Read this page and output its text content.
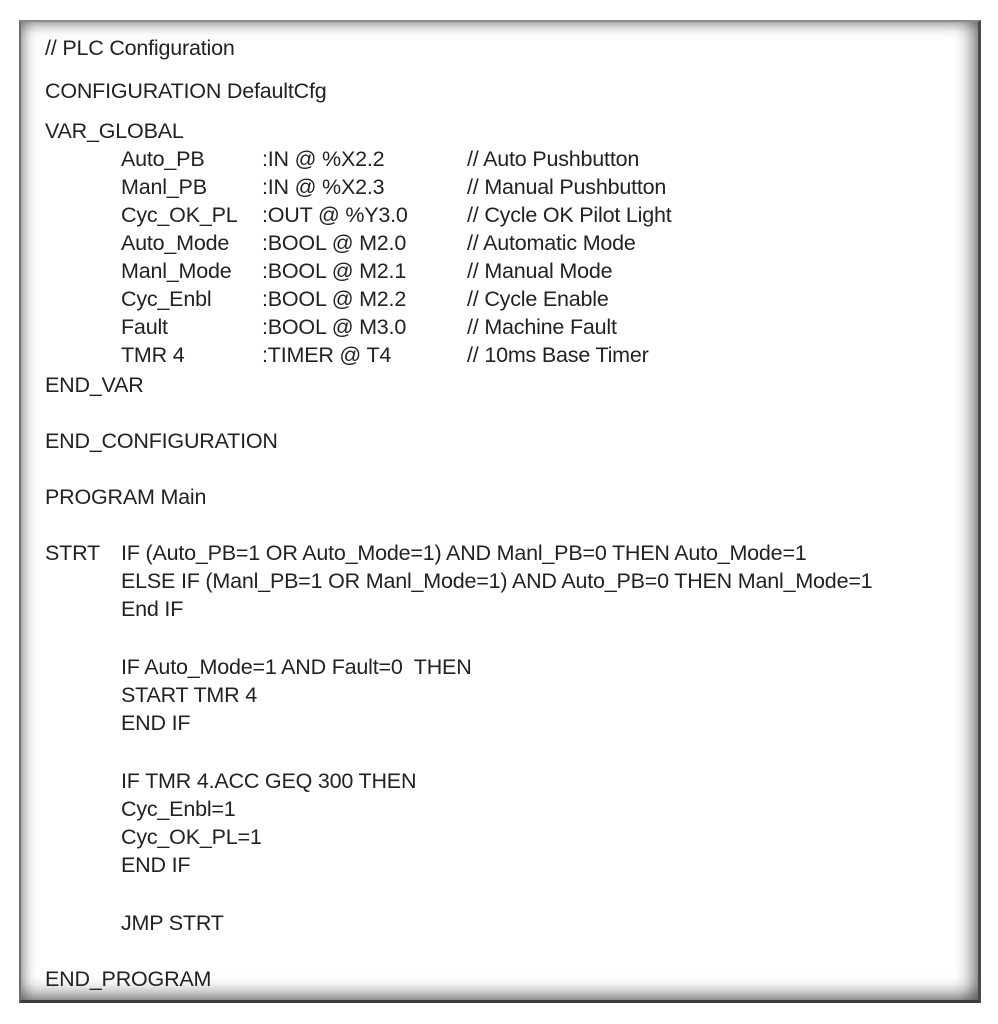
// PLC Configuration
CONFIGURATION DefaultCfg
VAR_GLOBAL
Auto_PB	:IN @ %X2.2	// Auto Pushbutton
Manl_PB	:IN @ %X2.3	// Manual Pushbutton
Cyc_OK_PL :OUT @ %Y3.0	// Cycle OK Pilot Light
Auto_Mode :BOOL @ M2.0	// Automatic Mode
Manl_Mode :BOOL @ M2.1	// Manual Mode
Cyc_Enbl :BOOL @ M2.2	// Cycle Enable
Fault	:BOOL @ M3.0	// Machine Fault
TMR 4	:TIMER @ T4	// 10ms Base Timer
END_VAR
END_CONFIGURATION
PROGRAM Main
STRT IF (Auto_PB=1 OR Auto_Mode=1) AND Manl_PB=0 THEN Auto_Mode=1
ELSE IF (Manl_PB=1 OR Manl_Mode=1) AND Auto_PB=0 THEN Manl_Mode=1
End IF
IF Auto_Mode=1 AND Fault=0  THEN
START TMR 4
END IF
IF TMR 4.ACC GEQ 300 THEN
Cyc_Enbl=1
Cyc_OK_PL=1
END IF
JMP STRT
END_PROGRAM
